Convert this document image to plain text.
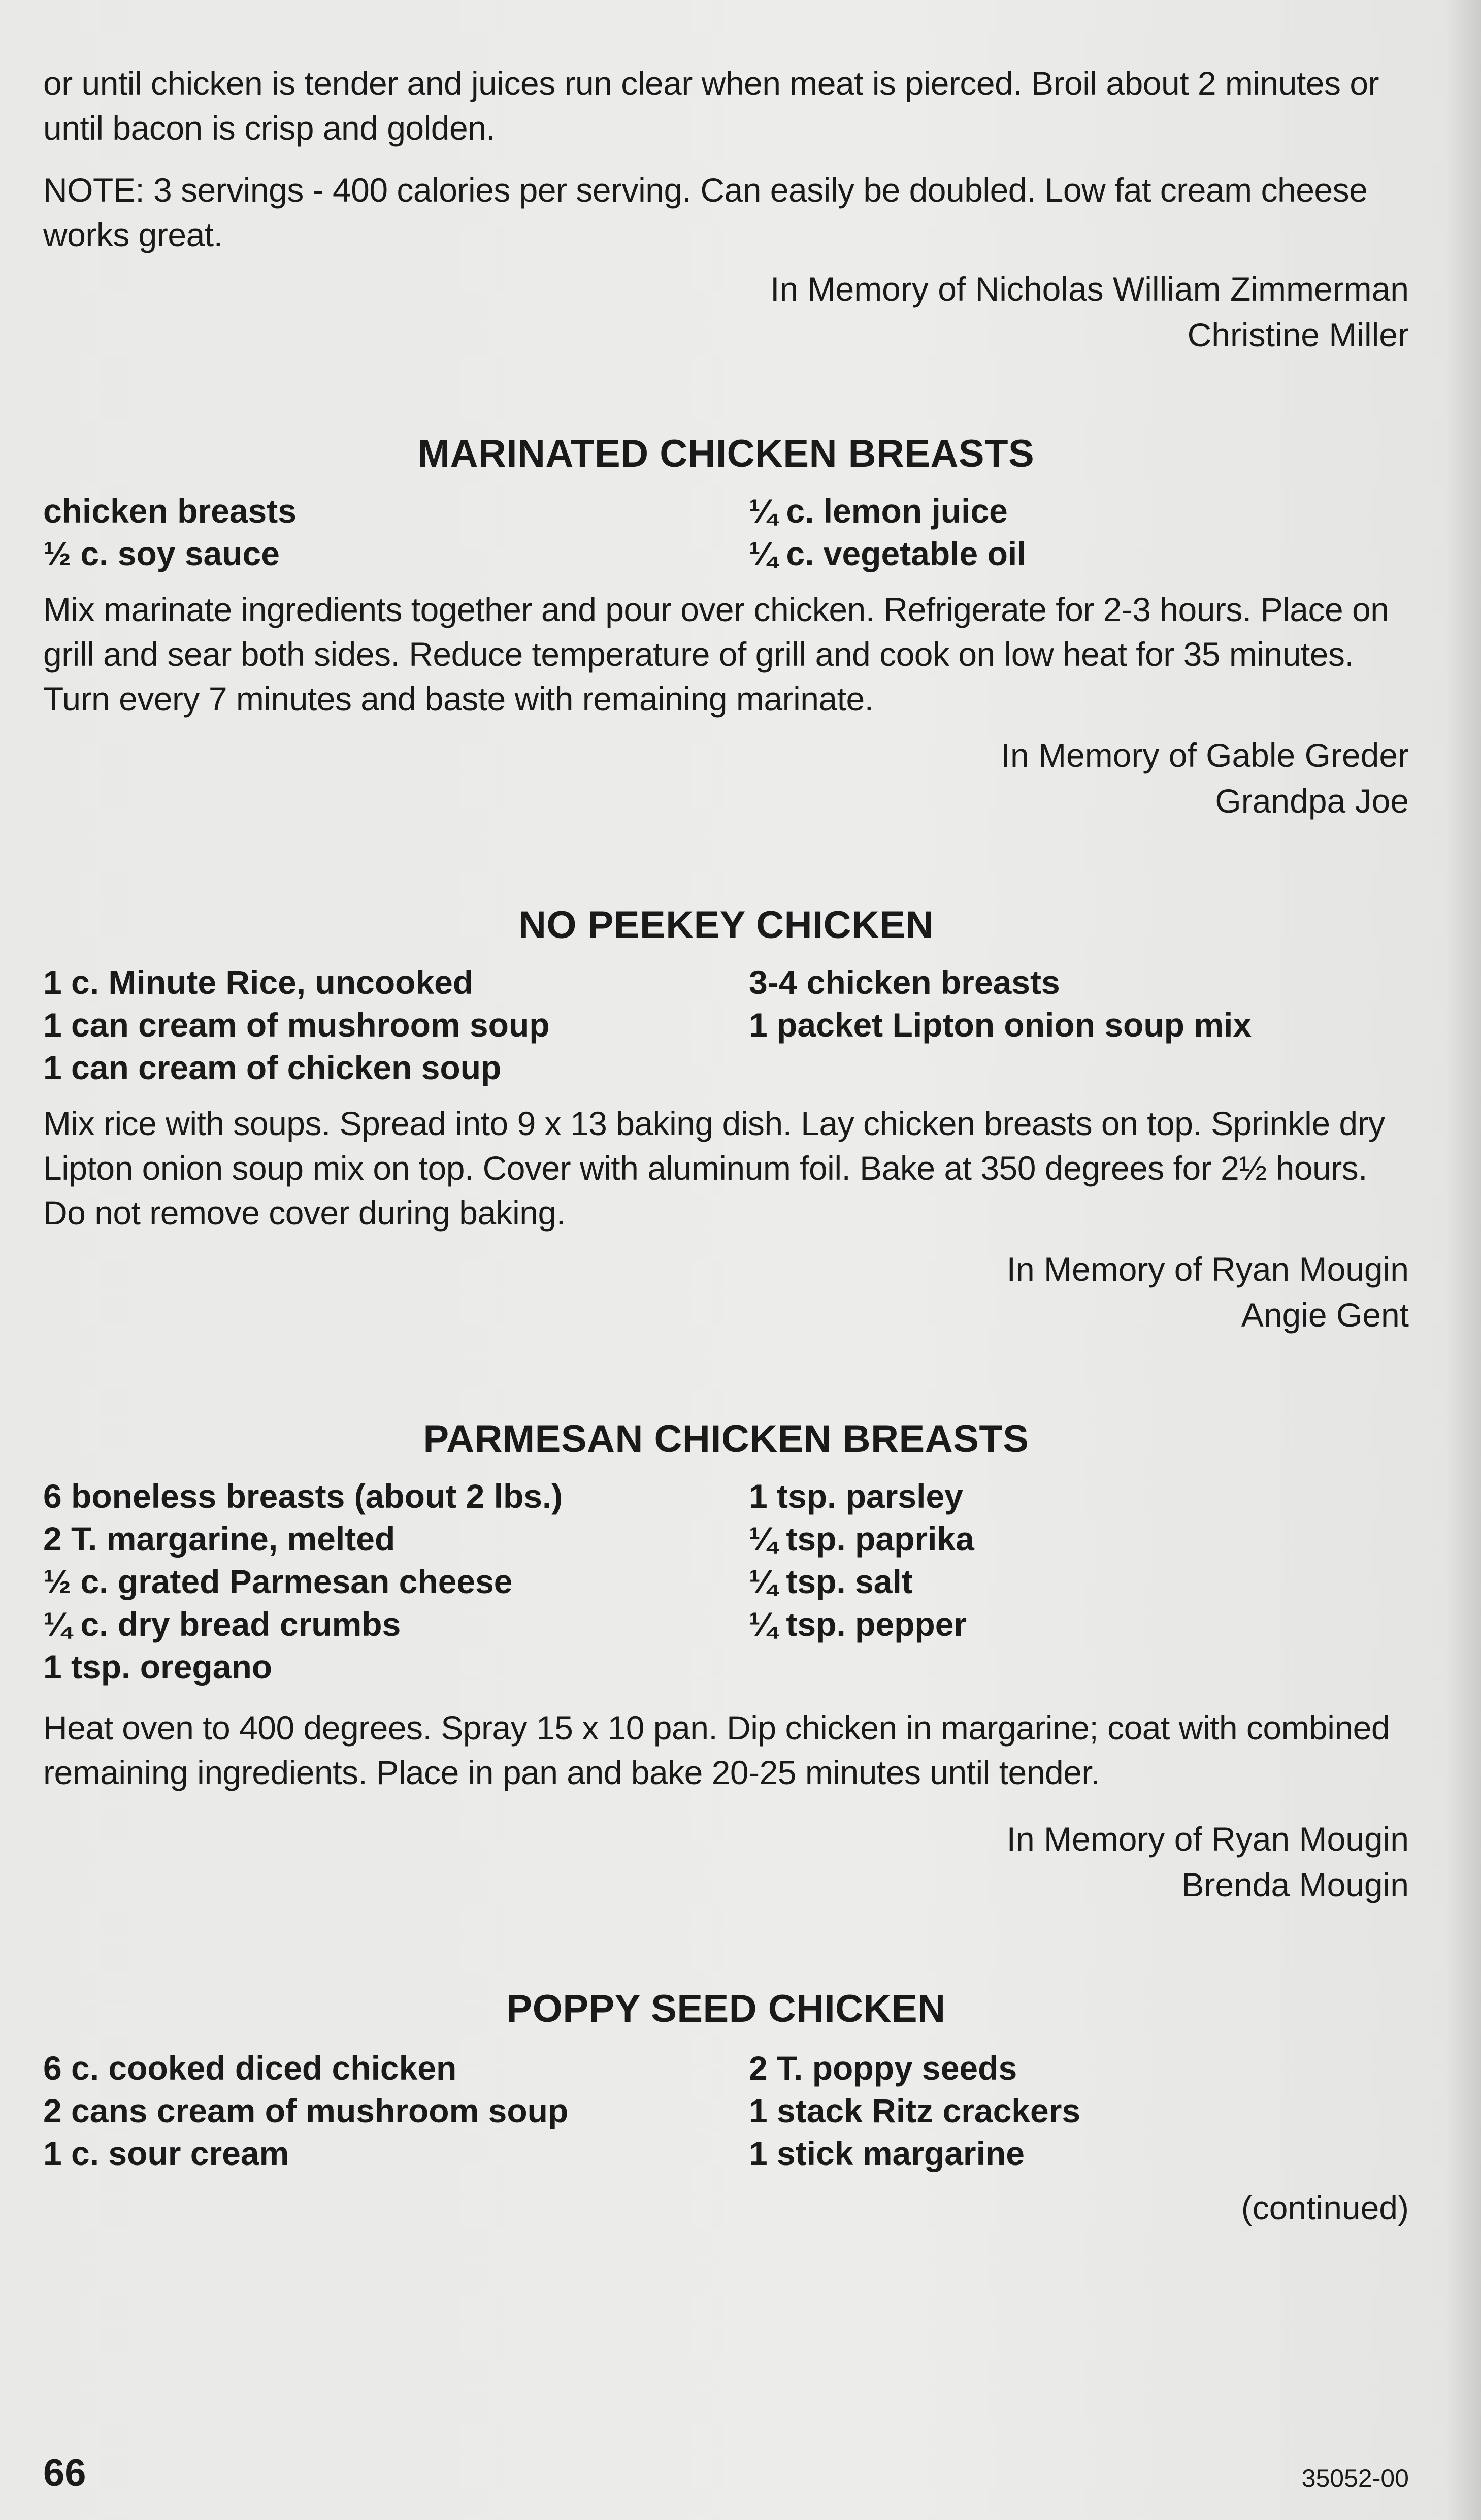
or until chicken is tender and juices run clear when meat is pierced. Broil about 2 minutes or until bacon is crisp and golden.

NOTE: 3 servings - 400 calories per serving. Can easily be doubled. Low fat cream cheese works great.

In Memory of Nicholas William Zimmerman

Christine Miller

MARINATED CHICKEN BREASTS

chicken breasts
½ c. soy sauce
¼ c. lemon juice
¼ c. vegetable oil

Mix marinate ingredients together and pour over chicken. Refrigerate for 2-3 hours. Place on grill and sear both sides. Reduce temperature of grill and cook on low heat for 35 minutes. Turn every 7 minutes and baste with remaining marinate.

In Memory of Gable Greder

Grandpa Joe

NO PEEKEY CHICKEN

1 c. Minute Rice, uncooked
1 can cream of mushroom soup
1 can cream of chicken soup
3-4 chicken breasts
1 packet Lipton onion soup mix

Mix rice with soups. Spread into 9 x 13 baking dish. Lay chicken breasts on top. Sprinkle dry Lipton onion soup mix on top. Cover with aluminum foil. Bake at 350 degrees for 2½ hours. Do not remove cover during baking.

In Memory of Ryan Mougin

Angie Gent

PARMESAN CHICKEN BREASTS

6 boneless breasts (about 2 lbs.)
2 T. margarine, melted
½ c. grated Parmesan cheese
¼ c. dry bread crumbs
1 tsp. oregano
1 tsp. parsley
¼ tsp. paprika
¼ tsp. salt
¼ tsp. pepper

Heat oven to 400 degrees. Spray 15 x 10 pan. Dip chicken in margarine; coat with combined remaining ingredients. Place in pan and bake 20-25 minutes until tender.

In Memory of Ryan Mougin

Brenda Mougin

POPPY SEED CHICKEN

6 c. cooked diced chicken
2 cans cream of mushroom soup
1 c. sour cream
2 T. poppy seeds
1 stack Ritz crackers
1 stick margarine

(continued)

66	35052-00
